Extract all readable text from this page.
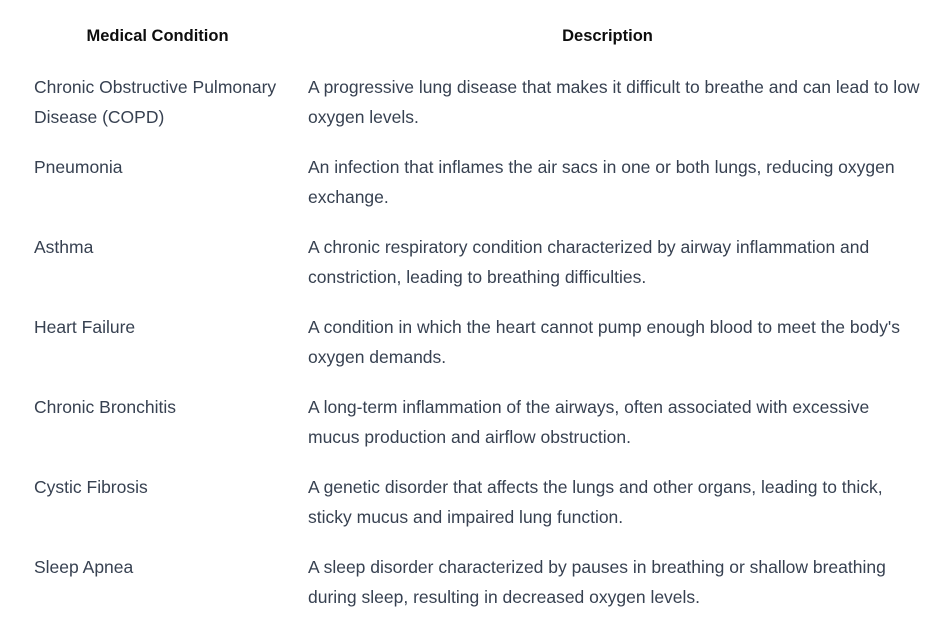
Medical Condition	Description
Chronic Obstructive Pulmonary Disease (COPD)	A progressive lung disease that makes it difficult to breathe and can lead to low oxygen levels.
Pneumonia	An infection that inflames the air sacs in one or both lungs, reducing oxygen exchange.
Asthma	A chronic respiratory condition characterized by airway inflammation and constriction, leading to breathing difficulties.
Heart Failure	A condition in which the heart cannot pump enough blood to meet the body's oxygen demands.
Chronic Bronchitis	A long-term inflammation of the airways, often associated with excessive mucus production and airflow obstruction.
Cystic Fibrosis	A genetic disorder that affects the lungs and other organs, leading to thick, sticky mucus and impaired lung function.
Sleep Apnea	A sleep disorder characterized by pauses in breathing or shallow breathing during sleep, resulting in decreased oxygen levels.
